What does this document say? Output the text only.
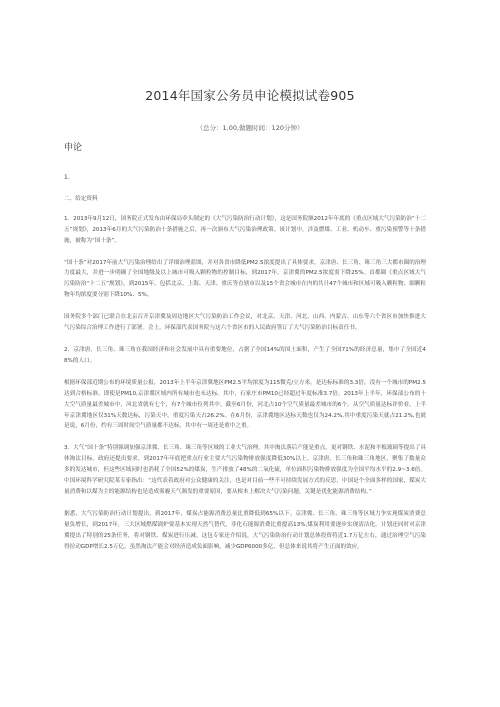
2014年国家公务员申论模拟试卷905
（总分：1.00,做题时间：120分钟）
申论
1.
二、给定资料
1．2013年9月12日，国务院正式发布由环保局牵头制定的《大气污染防治行动计划》，这是国务院继2012年年底的《重点区域大气污染防治“十二五”规划》，2013年6月的大气污染防治十条措施之后，再一次颁布大气污染治理政策。该计划中，涉及燃煤、工业、机动车、重污染预警等十条措施，被称为“国十条”。
“国十条”对2017年前大气污染治理给出了详细治理蓝图，并对各省市降低PM2.5浓度提出了具体要求，京津唐、长三角、珠三角三大都市圈的治理力度最大，并进一步明确了全国地级及以上城市可吸入颗粒物的控制目标，到2017年，京津冀的PM2.5浓度需下降25%。首都圈《重点区域大气污染防治“十二五”规划》，到2015年，包括北京、上海、天津、重庆等直辖市以及15个省会城市在内的共计47个城市和区域可吸入颗粒物、细颗粒物年均浓度要分别下降10%、5%。
国务院多个部门已联合在北京召开京津冀及周边地区大气污染防治工作会议，对北京、天津、河北、山西、内蒙古、山东等六个省区市加快推进大气污染综合治理工作进行了部署。会上，环保部代表国务院与这六个省区市的人民政府签订了大气污染防治目标责任书。
2．京津唐、长三角、珠三角在我国经济和社会发展中具有重要地位，占据了全国14%的国土面积，产生了全国71%的经济总量，集中了全国近48%的人口。
根据环保部近期公布的环境质量公报，2013年上半年京津冀地区PM2.5平均浓度为115微克/立方米，是达标标准的3.3倍，没有一个城市的PM2.5达到合格标准。即使是PM10,京津冀区域内所有城市也未达标。其中，石家庄市PM10已经超过年度标准3.7倍。2013年上半年，环保部公布的十大空气质量最差城市中，河北省就有七个，有7个城市位列其中。截至6月份，河北占10个空气质量最差城市的6个。从空气质量达标评价看，上半年京津冀地区仅31%天数达标，污染天中，重度污染天占26.2%。在6月份，京津冀地区达标天数也仅为24.2%,其中重度污染天就占21.2%,也就是说，6月份，约有三周时间空气质量都不达标，其中有一周还是重中之重。
3．大气“国十条”特别强调加强京津冀、长三角、珠三角等区域的工业大气治理，其中淘汰落后产能是重点，更对钢铁、水泥和平板玻璃等提出了具体淘汰目标。政府还提出要求，到2017年年底把重点行业主要大气污染物排放强度降低30%以上。京津唐、长三角和珠三角地区，聚集了数量众多的发达城市，但这些区域同时也消耗了全国52%的煤炭，生产排放了48%的二氧化硫，单位面积污染物排放强度为全国平均水平的2.9~3.6倍。中国环境科学研究院某专家指出：“这代表着政府对公众健康的关注，也是对目前一些不可持续发展方式的反思，中国是个全面多样的国家，煤炭大量消费和以煤为主的能源结构也是造成雾霾天气频发的重要原因，要从根本上解决大气污染问题，关键是优化能源消费结构。”
据悉，大气污染防治行动计划提出，到2017年，煤炭占能源消费总量比重降低到65%以下。京津冀、长三角、珠三角等区域力争实现煤炭消费总量负增长，到2017年，三大区域燃煤锅炉要基本实现天然气替代，非化石能源消费比重提高13%,煤炭利用要逐步实现清洁化。计划还同时对京津冀提出了特别的25条任务，将对钢铁、煤炭进行压减。这包专家还介绍说，大气污染防治行动计划总体投资将近1.7万亿左右，通过治理空气污染得拉动GDP增长2.5万亿。虽然淘汰产能会对经济造成负面影响，减少GDP6000多亿，但总体来说其将产生正面的效应。
